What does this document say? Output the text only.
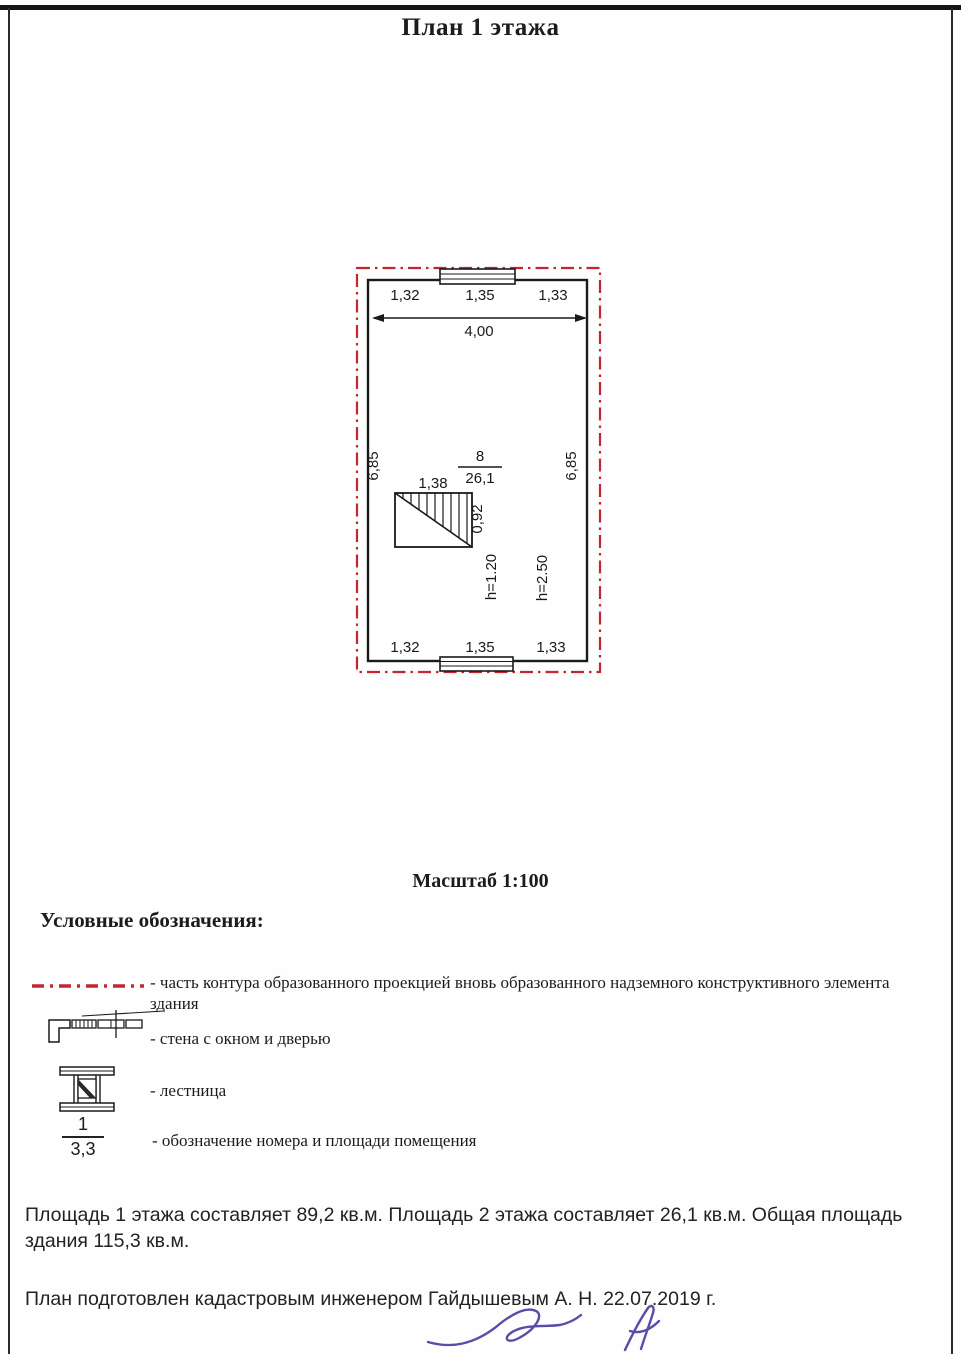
План 1 этажа
1,32	1,35	1,33
4,00
6,85	6,85
8
26,1
1,38
0,92
h=1.20 h=2.50
1,32	1,35	1,33
Масштаб 1:100
Условные обозначения:
- часть контура образованного проекцией вновь образованного надземного конструктивного элемента здания
- стена с окном и дверью
- лестница
$\frac{1}{3,3}$	- обозначение номера и площади помещения
Площадь 1 этажа составляет 89,2 кв.м. Площадь 2 этажа составляет 26,1 кв.м. Общая площадь здания 115,3 кв.м.
План подготовлен кадастровым инженером Гайдышевым А. Н. 22.07.2019 г.
